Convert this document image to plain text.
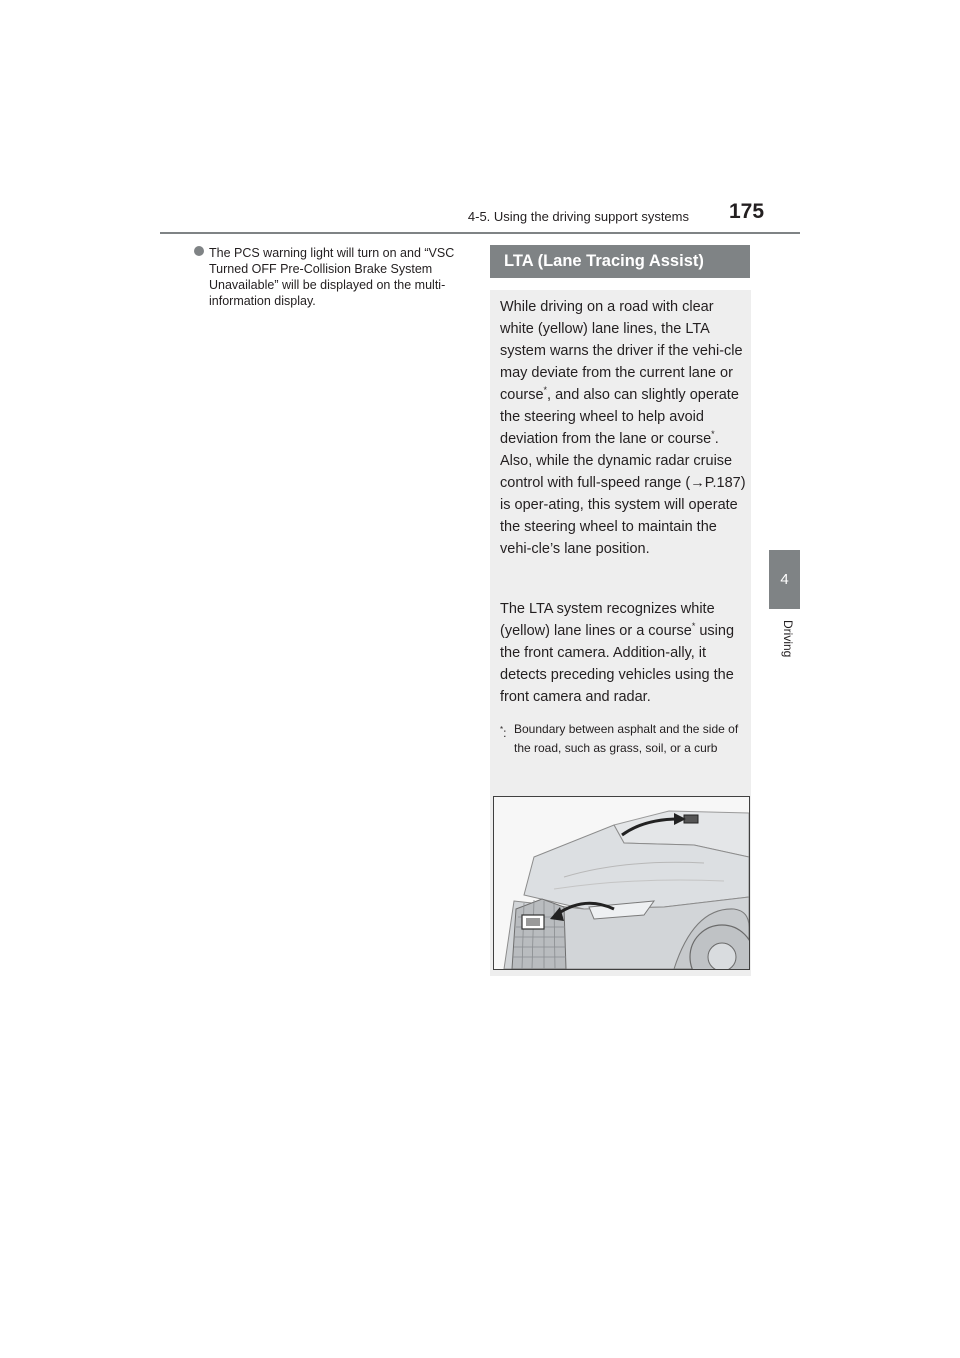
4-5. Using the driving support systems 175
4
Driving
The PCS warning light will turn on and “VSC Turned OFF Pre-Collision Brake System Unavailable” will be displayed on the multi-information display.
LTA (Lane Tracing Assist)
While driving on a road with clear white (yellow) lane lines, the LTA system warns the driver if the vehi-cle may deviate from the current lane or course*, and also can slightly operate the steering wheel to help avoid deviation from the lane or course*. Also, while the dynamic radar cruise control with full-speed range (→P.187) is oper-ating, this system will operate the steering wheel to maintain the vehi-cle’s lane position.
The LTA system recognizes white (yellow) lane lines or a course* using the front camera. Addition-ally, it detects preceding vehicles using the front camera and radar.
*: Boundary between asphalt and the side of the road, such as grass, soil, or a curb
